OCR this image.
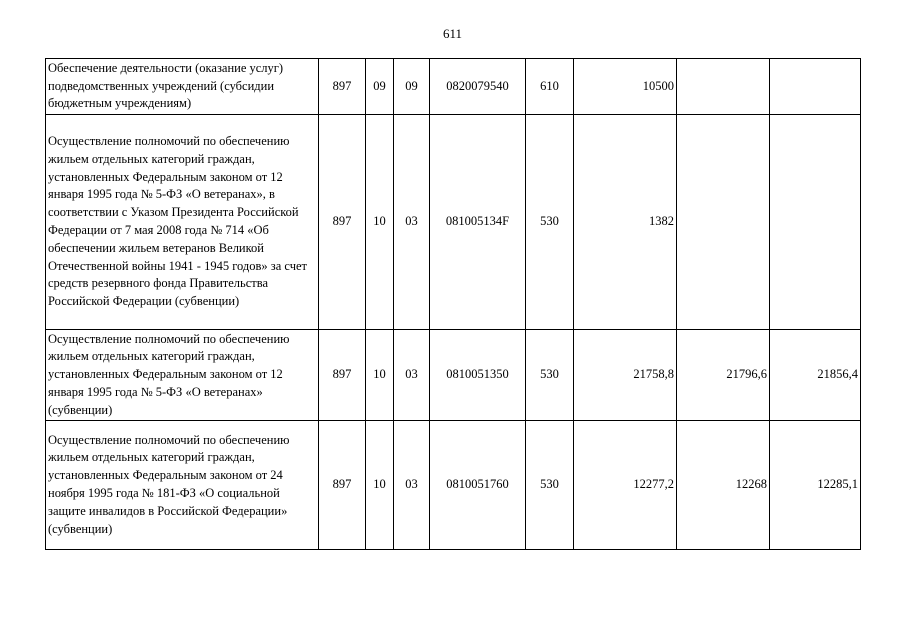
611
Обеспечение деятельности (оказание услуг) подведомственных учреждений (субсидии бюджетным учреждениям)	897	09	09	0820079540	610	10500		
Осуществление полномочий по обеспечению жильем отдельных категорий граждан, установленных Федеральным законом от 12 января 1995 года № 5-ФЗ «О ветеранах», в соответствии с Указом Президента Российской Федерации от 7 мая 2008 года № 714 «Об обеспечении жильем ветеранов Великой Отечественной войны 1941 - 1945 годов» за счет средств резервного фонда Правительства Российской Федерации (субвенции)	897	10	03	081005134F	530	1382		
Осуществление полномочий по обеспечению жильем отдельных категорий граждан, установленных Федеральным законом от 12 января 1995 года № 5-ФЗ «О ветеранах» (субвенции)	897	10	03	0810051350	530	21758,8	21796,6	21856,4
Осуществление полномочий по обеспечению жильем отдельных категорий граждан, установленных Федеральным законом от 24 ноября 1995 года № 181-ФЗ «О социальной защите инвалидов в Российской Федерации» (субвенции)	897	10	03	0810051760	530	12277,2	12268	12285,1
